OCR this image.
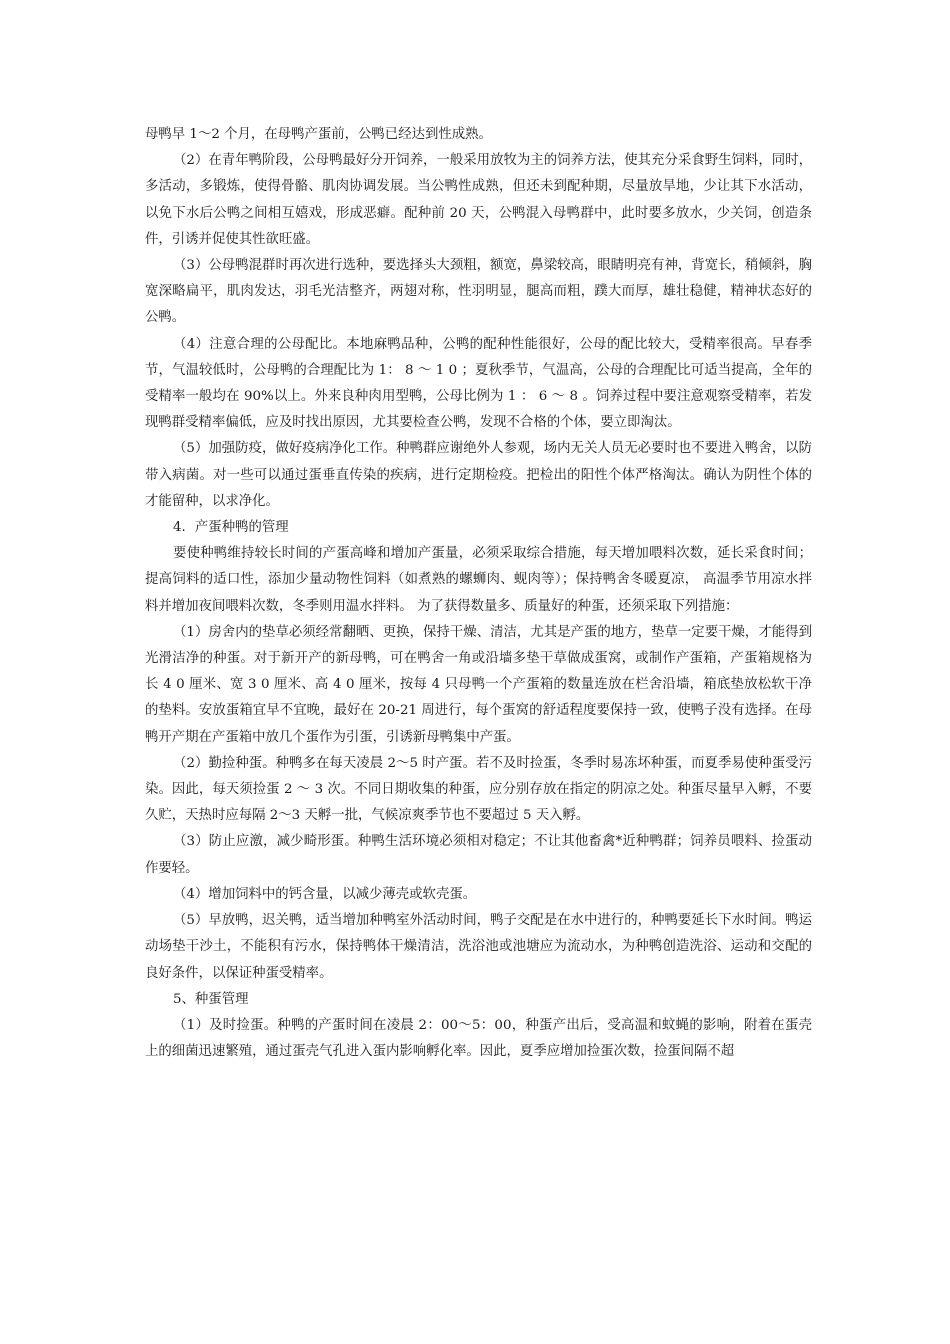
母鸭早 1～2 个月，在母鸭产蛋前，公鸭已经达到性成熟。

（2）在青年鸭阶段，公母鸭最好分开饲养，一般采用放牧为主的饲养方法，使其充分采食野生饲料，同时，多活动，多锻炼，使得骨骼、肌肉协调发展。当公鸭性成熟，但还未到配种期，尽量放旱地，少让其下水活动，以免下水后公鸭之间相互嬉戏，形成恶癖。配种前 20 天，公鸭混入母鸭群中，此时要多放水，少关饲，创造条件，引诱并促使其性欲旺盛。

（3）公母鸭混群时再次进行选种，要选择头大颈粗，额宽，鼻梁较高，眼睛明亮有神，背宽长，稍倾斜，胸宽深略扁平，肌肉发达，羽毛光洁整齐，两翅对称，性羽明显，腿高而粗，蹼大而厚，雄壮稳健，精神状态好的公鸭。

（4）注意合理的公母配比。本地麻鸭品种，公鸭的配种性能很好，公母的配比较大，受精率很高。早春季节，气温较低时，公母鸭的合理配比为 1： 8 ～ 1 0 ；夏秋季节，气温高，公母的合理配比可适当提高，全年的受精率一般均在 90%以上。外来良种肉用型鸭，公母比例为 1 ： 6 ～ 8 。饲养过程中要注意观察受精率，若发现鸭群受精率偏低，应及时找出原因，尤其要检查公鸭，发现不合格的个体，要立即淘汰。

（5）加强防疫，做好疫病净化工作。种鸭群应谢绝外人参观，场内无关人员无必要时也不要进入鸭舍，以防带入病菌。对一些可以通过蛋垂直传染的疾病，进行定期检疫。把检出的阳性个体严格淘汰。确认为阴性个体的才能留种，以求净化。

4．产蛋种鸭的管理

要使种鸭维持较长时间的产蛋高峰和增加产蛋量，必须采取综合措施，每天增加喂料次数，延长采食时间；提高饲料的适口性，添加少量动物性饲料（如煮熟的螺蛳肉、蚬肉等）；保持鸭舍冬暖夏凉， 高温季节用凉水拌料并增加夜间喂料次数，冬季则用温水拌料。 为了获得数量多、质量好的种蛋，还须采取下列措施：

（1）房舍内的垫草必须经常翻晒、更换，保持干燥、清洁，尤其是产蛋的地方，垫草一定要干燥，才能得到光滑洁净的种蛋。对于新开产的新母鸭，可在鸭舍一角或沿墙多垫干草做成蛋窝，或制作产蛋箱，产蛋箱规格为长 4 0 厘米、宽 3 0 厘米、高 4 0 厘米，按每 4 只母鸭一个产蛋箱的数量连放在栏舍沿墙，箱底垫放松软干净的垫料。安放蛋箱宜早不宜晚，最好在 20-21 周进行，每个蛋窝的舒适程度要保持一致，使鸭子没有选择。在母鸭开产期在产蛋箱中放几个蛋作为引蛋，引诱新母鸭集中产蛋。

（2）勤捡种蛋。种鸭多在每天凌晨 2～5 时产蛋。若不及时捡蛋，冬季时易冻坏种蛋，而夏季易使种蛋受污染。因此，每天须捡蛋 2 ～ 3 次。不同日期收集的种蛋，应分别存放在指定的阴凉之处。种蛋尽量早入孵，不要久贮，天热时应每隔 2～3 天孵一批，气候凉爽季节也不要超过 5 天入孵。

（3）防止应激，减少畸形蛋。种鸭生活环境必须相对稳定；不让其他畜禽*近种鸭群；饲养员喂料、捡蛋动作要轻。

（4）增加饲料中的钙含量，以减少薄壳或软壳蛋。

（5）早放鸭，迟关鸭，适当增加种鸭室外活动时间，鸭子交配是在水中进行的，种鸭要延长下水时间。鸭运动场垫干沙土，不能积有污水，保持鸭体干燥清洁，洗浴池或池塘应为流动水，为种鸭创造洗浴、运动和交配的良好条件，以保证种蛋受精率。

5、种蛋管理

（1）及时捡蛋。种鸭的产蛋时间在凌晨 2：00～5：00，种蛋产出后，受高温和蚊蝇的影响，附着在蛋壳上的细菌迅速繁殖，通过蛋壳气孔进入蛋内影响孵化率。因此，夏季应增加捡蛋次数，捡蛋间隔不超
